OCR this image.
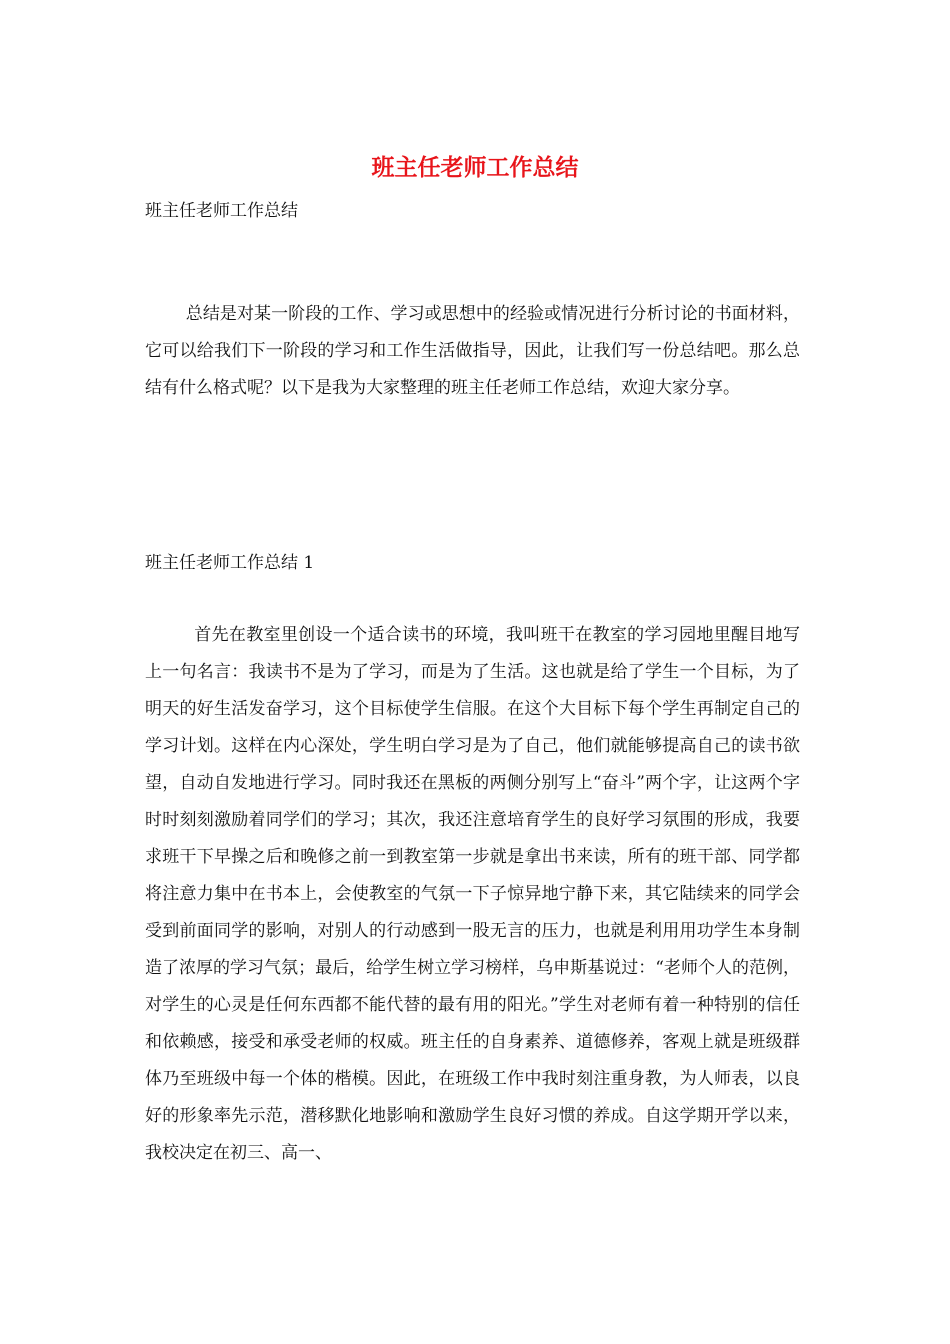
班主任老师工作总结

班主任老师工作总结

总结是对某一阶段的工作、学习或思想中的经验或情况进行分析讨论的书面材料，它可以给我们下一阶段的学习和工作生活做指导，因此，让我们写一份总结吧。那么总结有什么格式呢？以下是我为大家整理的班主任老师工作总结，欢迎大家分享。

班主任老师工作总结 1

首先在教室里创设一个适合读书的环境，我叫班干在教室的学习园地里醒目地写上一句名言：我读书不是为了学习，而是为了生活。这也就是给了学生一个目标，为了明天的好生活发奋学习，这个目标使学生信服。在这个大目标下每个学生再制定自己的学习计划。这样在内心深处，学生明白学习是为了自己，他们就能够提高自己的读书欲望，自动自发地进行学习。同时我还在黑板的两侧分别写上“奋斗”两个字，让这两个字时时刻刻激励着同学们的学习；其次，我还注意培育学生的良好学习氛围的形成，我要求班干下早操之后和晚修之前一到教室第一步就是拿出书来读，所有的班干部、同学都将注意力集中在书本上，会使教室的气氛一下子惊异地宁静下来，其它陆续来的同学会受到前面同学的影响，对别人的行动感到一股无言的压力，也就是利用用功学生本身制造了浓厚的学习气氛；最后，给学生树立学习榜样，乌申斯基说过：“老师个人的范例，对学生的心灵是任何东西都不能代替的最有用的阳光。”学生对老师有着一种特别的信任和依赖感，接受和承受老师的权威。班主任的自身素养、道德修养，客观上就是班级群体乃至班级中每一个体的楷模。因此，在班级工作中我时刻注重身教，为人师表，以良好的形象率先示范，潜移默化地影响和激励学生良好习惯的养成。自这学期开学以来，我校决定在初三、高一、
